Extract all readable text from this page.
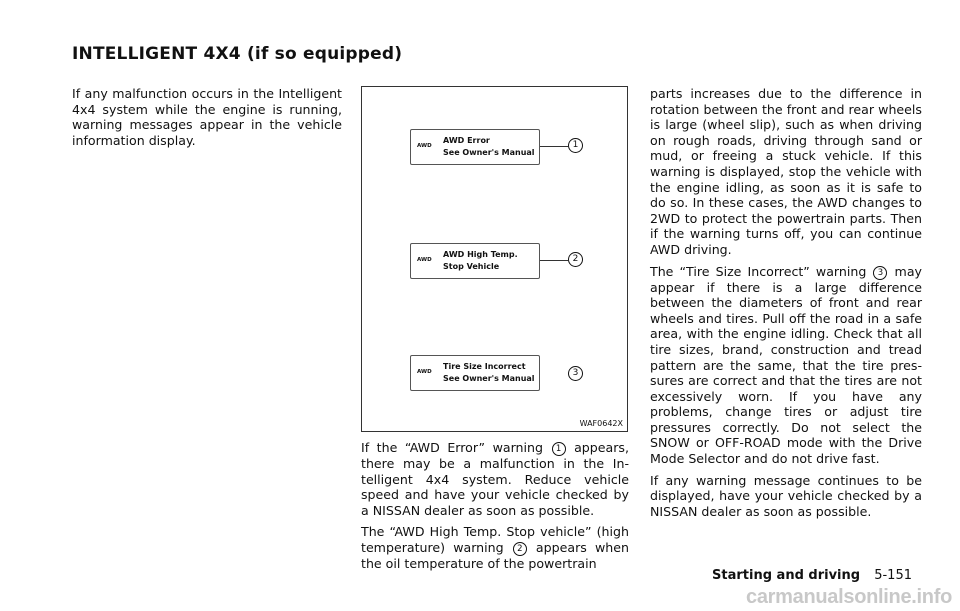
INTELLIGENT 4X4 (if so equipped)

If any malfunction occurs in the Intelligent 4x4 system while the engine is running, warning messages appear in the vehicle information display.	AWD
AWD Error
See Owner's Manual
1
AWD
AWD High Temp.
Stop Vehicle
2
AWD
Tire Size Incorrect
See Owner's Manual
3
WAF0642X

If the “AWD Error” warning 1 appears, there may be a malfunction in the Intelligent 4x4 system. Reduce vehicle speed and have your vehicle checked by a NISSAN dealer as soon as possible.

The “AWD High Temp. Stop vehicle” (high temperature) warning 2 appears when the oil temperature of the powertrain

parts increases due to the difference in rotation between the front and rear wheels is large (wheel slip), such as when driving on rough roads, driving through sand or mud, or freeing a stuck vehicle. If this warning is displayed, stop the vehicle with the engine idling, as soon as it is safe to do so. In these cases, the AWD changes to 2WD to protect the powertrain parts. Then if the warning turns off, you can continue AWD driving.

The “Tire Size Incorrect” warning 3 may appear if there is a large difference between the diameters of front and rear wheels and tires. Pull off the road in a safe area, with the engine idling. Check that all tire sizes, brand, construction and tread pattern are the same, that the tire pressures are correct and that the tires are not excessively worn. If you have any problems, change tires or adjust tire pressures correctly. Do not select the SNOW or OFF-ROAD mode with the Drive Mode Selector and do not drive fast.

If any warning message continues to be displayed, have your vehicle checked by a NISSAN dealer as soon as possible.

Starting and driving 5-151
carmanualsonline.info
